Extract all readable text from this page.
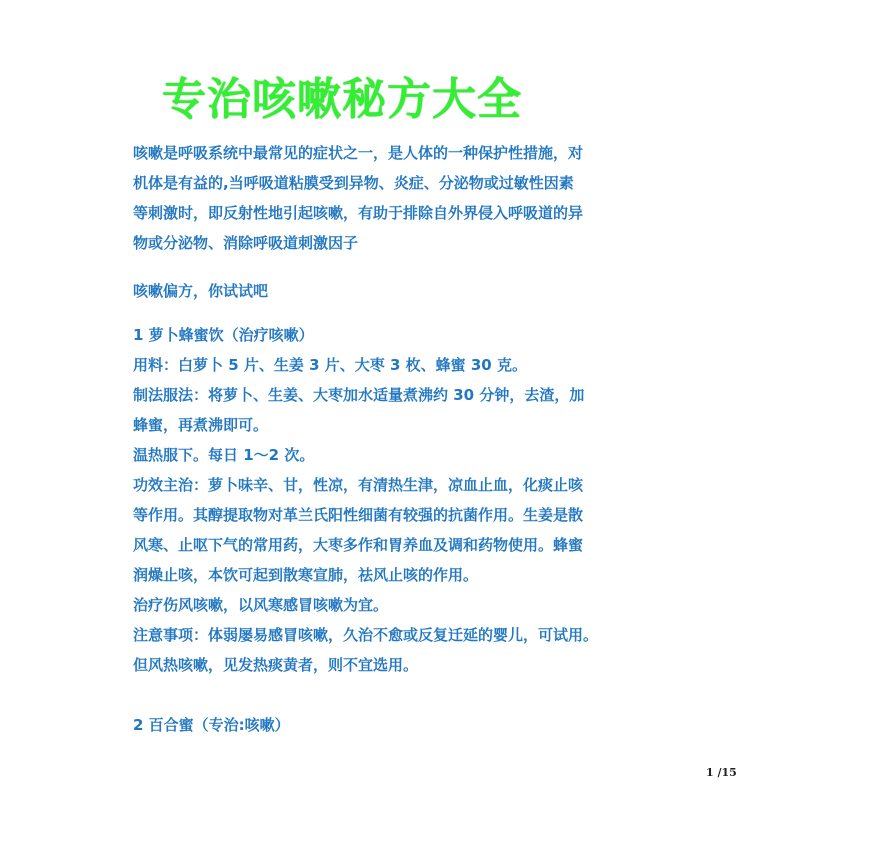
专治咳嗽秘方大全
咳嗽是呼吸系统中最常见的症状之一，是人体的一种保护性措施，对
机体是有益的,当呼吸道粘膜受到异物、炎症、分泌物或过敏性因素
等刺激时，即反射性地引起咳嗽，有助于排除自外界侵入呼吸道的异
物或分泌物、消除呼吸道刺激因子
咳嗽偏方，你试试吧
1 萝卜蜂蜜饮（治疗咳嗽）
用料：白萝卜 5 片、生姜 3 片、大枣 3 枚、蜂蜜 30 克。
制法服法：将萝卜、生姜、大枣加水适量煮沸约 30 分钟，去渣，加
蜂蜜，再煮沸即可。
温热服下。每日 1～2 次。
功效主治：萝卜味辛、甘，性凉，有清热生津，凉血止血，化痰止咳
等作用。其醇提取物对革兰氏阳性细菌有较强的抗菌作用。生姜是散
风寒、止呕下气的常用药，大枣多作和胃养血及调和药物使用。蜂蜜
润燥止咳，本饮可起到散寒宣肺，祛风止咳的作用。
治疗伤风咳嗽，以风寒感冒咳嗽为宜。
注意事项：体弱屡易感冒咳嗽，久治不愈或反复迁延的婴儿，可试用。
但风热咳嗽，见发热痰黄者，则不宜选用。
2 百合蜜（专治:咳嗽）
1 /15
